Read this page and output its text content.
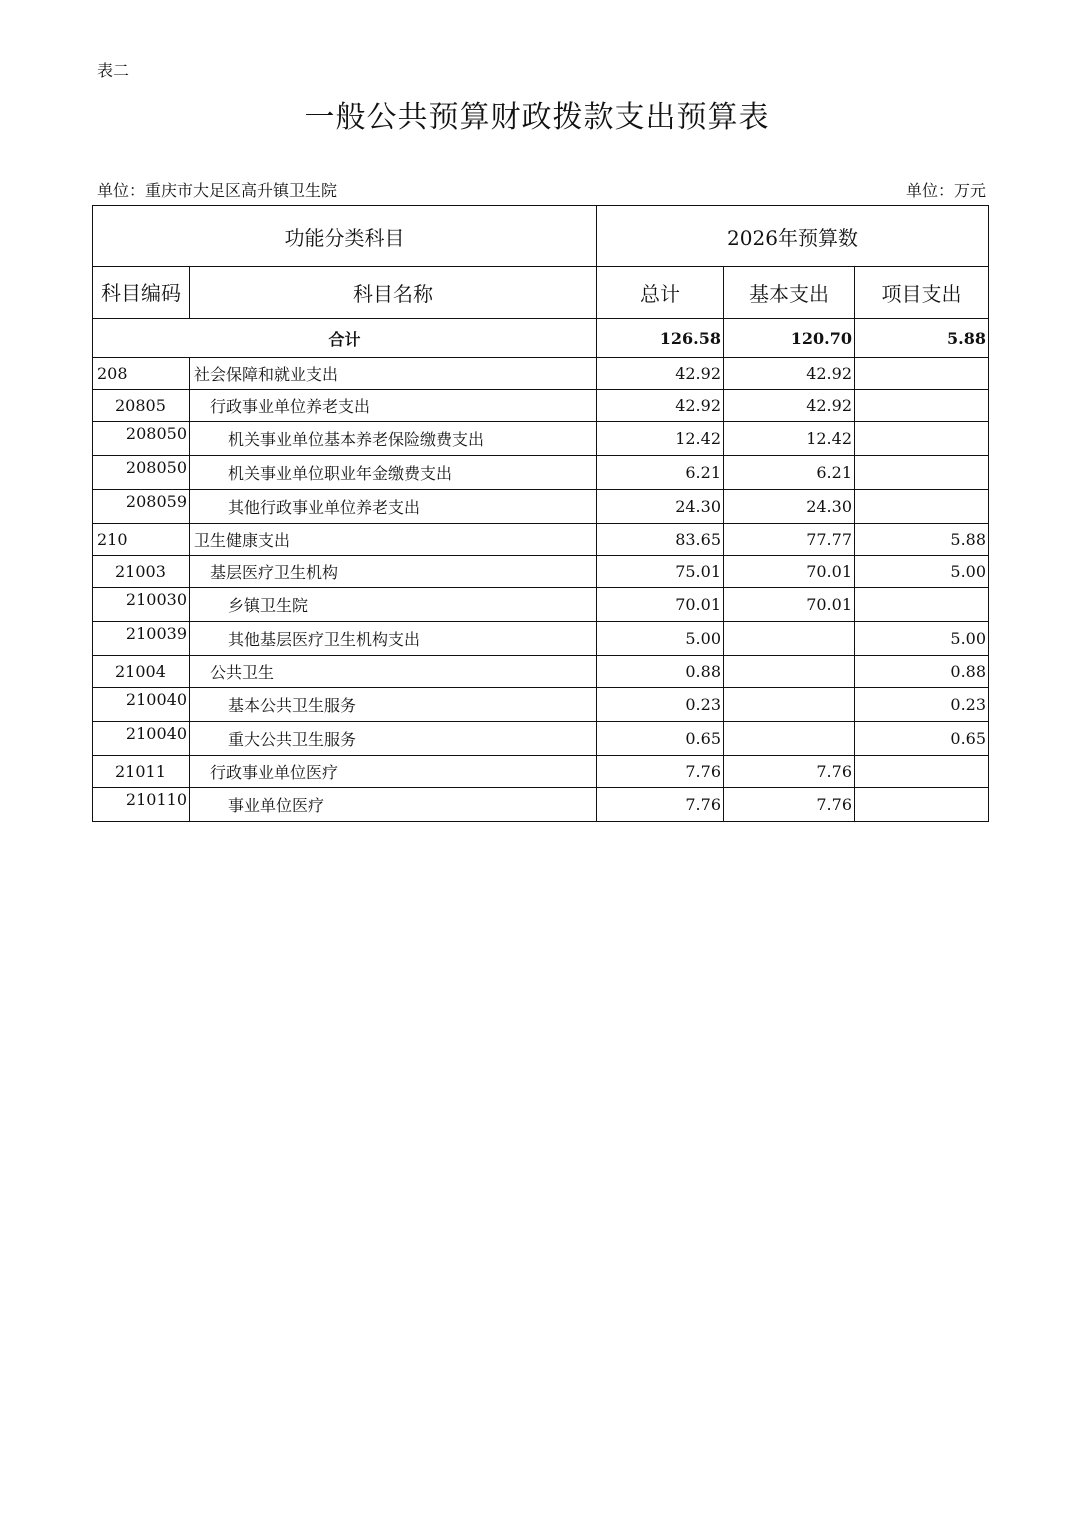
表二
一般公共预算财政拨款支出预算表
单位：重庆市大足区高升镇卫生院	单位：万元
功能分类科目		2026年预算数		
科目编码	科目名称	总计	基本支出	项目支出
合计		126.58	120.70	5.88
208	社会保障和就业支出	42.92	42.92	
20805	行政事业单位养老支出	42.92	42.92	
208050	机关事业单位基本养老保险缴费支出	12.42	12.42	
208050	机关事业单位职业年金缴费支出	6.21	6.21	
208059	其他行政事业单位养老支出	24.30	24.30	
210	卫生健康支出	83.65	77.77	5.88
21003	基层医疗卫生机构	75.01	70.01	5.00
210030	乡镇卫生院	70.01	70.01	
210039	其他基层医疗卫生机构支出	5.00		5.00
21004	公共卫生	0.88		0.88
210040	基本公共卫生服务	0.23		0.23
210040	重大公共卫生服务	0.65		0.65
21011	行政事业单位医疗	7.76	7.76	
210110	事业单位医疗	7.76	7.76	
